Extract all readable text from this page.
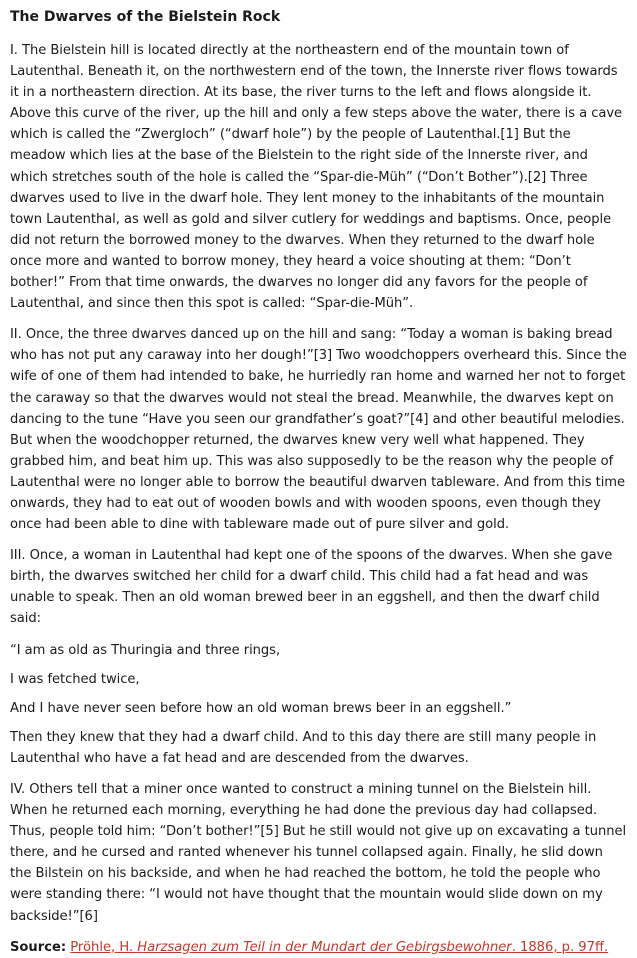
The Dwarves of the Bielstein Rock

I. The Bielstein hill is located directly at the northeastern end of the mountain town of Lautenthal. Beneath it, on the northwestern end of the town, the Innerste river flows towards it in a northeastern direction. At its base, the river turns to the left and flows alongside it. Above this curve of the river, up the hill and only a few steps above the water, there is a cave which is called the “Zwergloch” (“dwarf hole”) by the people of Lautenthal.[1] But the meadow which lies at the base of the Bielstein to the right side of the Innerste river, and which stretches south of the hole is called the “Spar-die-Müh” (“Don’t Bother”).[2] Three dwarves used to live in the dwarf hole. They lent money to the inhabitants of the mountain town Lautenthal, as well as gold and silver cutlery for weddings and baptisms. Once, people did not return the borrowed money to the dwarves. When they returned to the dwarf hole once more and wanted to borrow money, they heard a voice shouting at them: “Don’t bother!” From that time onwards, the dwarves no longer did any favors for the people of Lautenthal, and since then this spot is called: “Spar-die-Müh”.

II. Once, the three dwarves danced up on the hill and sang: “Today a woman is baking bread who has not put any caraway into her dough!”[3] Two woodchoppers overheard this. Since the wife of one of them had intended to bake, he hurriedly ran home and warned her not to forget the caraway so that the dwarves would not steal the bread. Meanwhile, the dwarves kept on dancing to the tune “Have you seen our grandfather’s goat?”[4] and other beautiful melodies. But when the woodchopper returned, the dwarves knew very well what happened. They grabbed him, and beat him up. This was also supposedly to be the reason why the people of Lautenthal were no longer able to borrow the beautiful dwarven tableware. And from this time onwards, they had to eat out of wooden bowls and with wooden spoons, even though they once had been able to dine with tableware made out of pure silver and gold.

III. Once, a woman in Lautenthal had kept one of the spoons of the dwarves. When she gave birth, the dwarves switched her child for a dwarf child. This child had a fat head and was unable to speak. Then an old woman brewed beer in an eggshell, and then the dwarf child said:

“I am as old as Thuringia and three rings,

I was fetched twice,

And I have never seen before how an old woman brews beer in an eggshell.”

Then they knew that they had a dwarf child. And to this day there are still many people in Lautenthal who have a fat head and are descended from the dwarves.

IV. Others tell that a miner once wanted to construct a mining tunnel on the Bielstein hill. When he returned each morning, everything he had done the previous day had collapsed. Thus, people told him: “Don’t bother!”[5] But he still would not give up on excavating a tunnel there, and he cursed and ranted whenever his tunnel collapsed again. Finally, he slid down the Bilstein on his backside, and when he had reached the bottom, he told the people who were standing there: “I would not have thought that the mountain would slide down on my backside!”[6]

Source: Pröhle, H. Harzsagen zum Teil in der Mundart der Gebirgsbewohner. 1886, p. 97ff.
